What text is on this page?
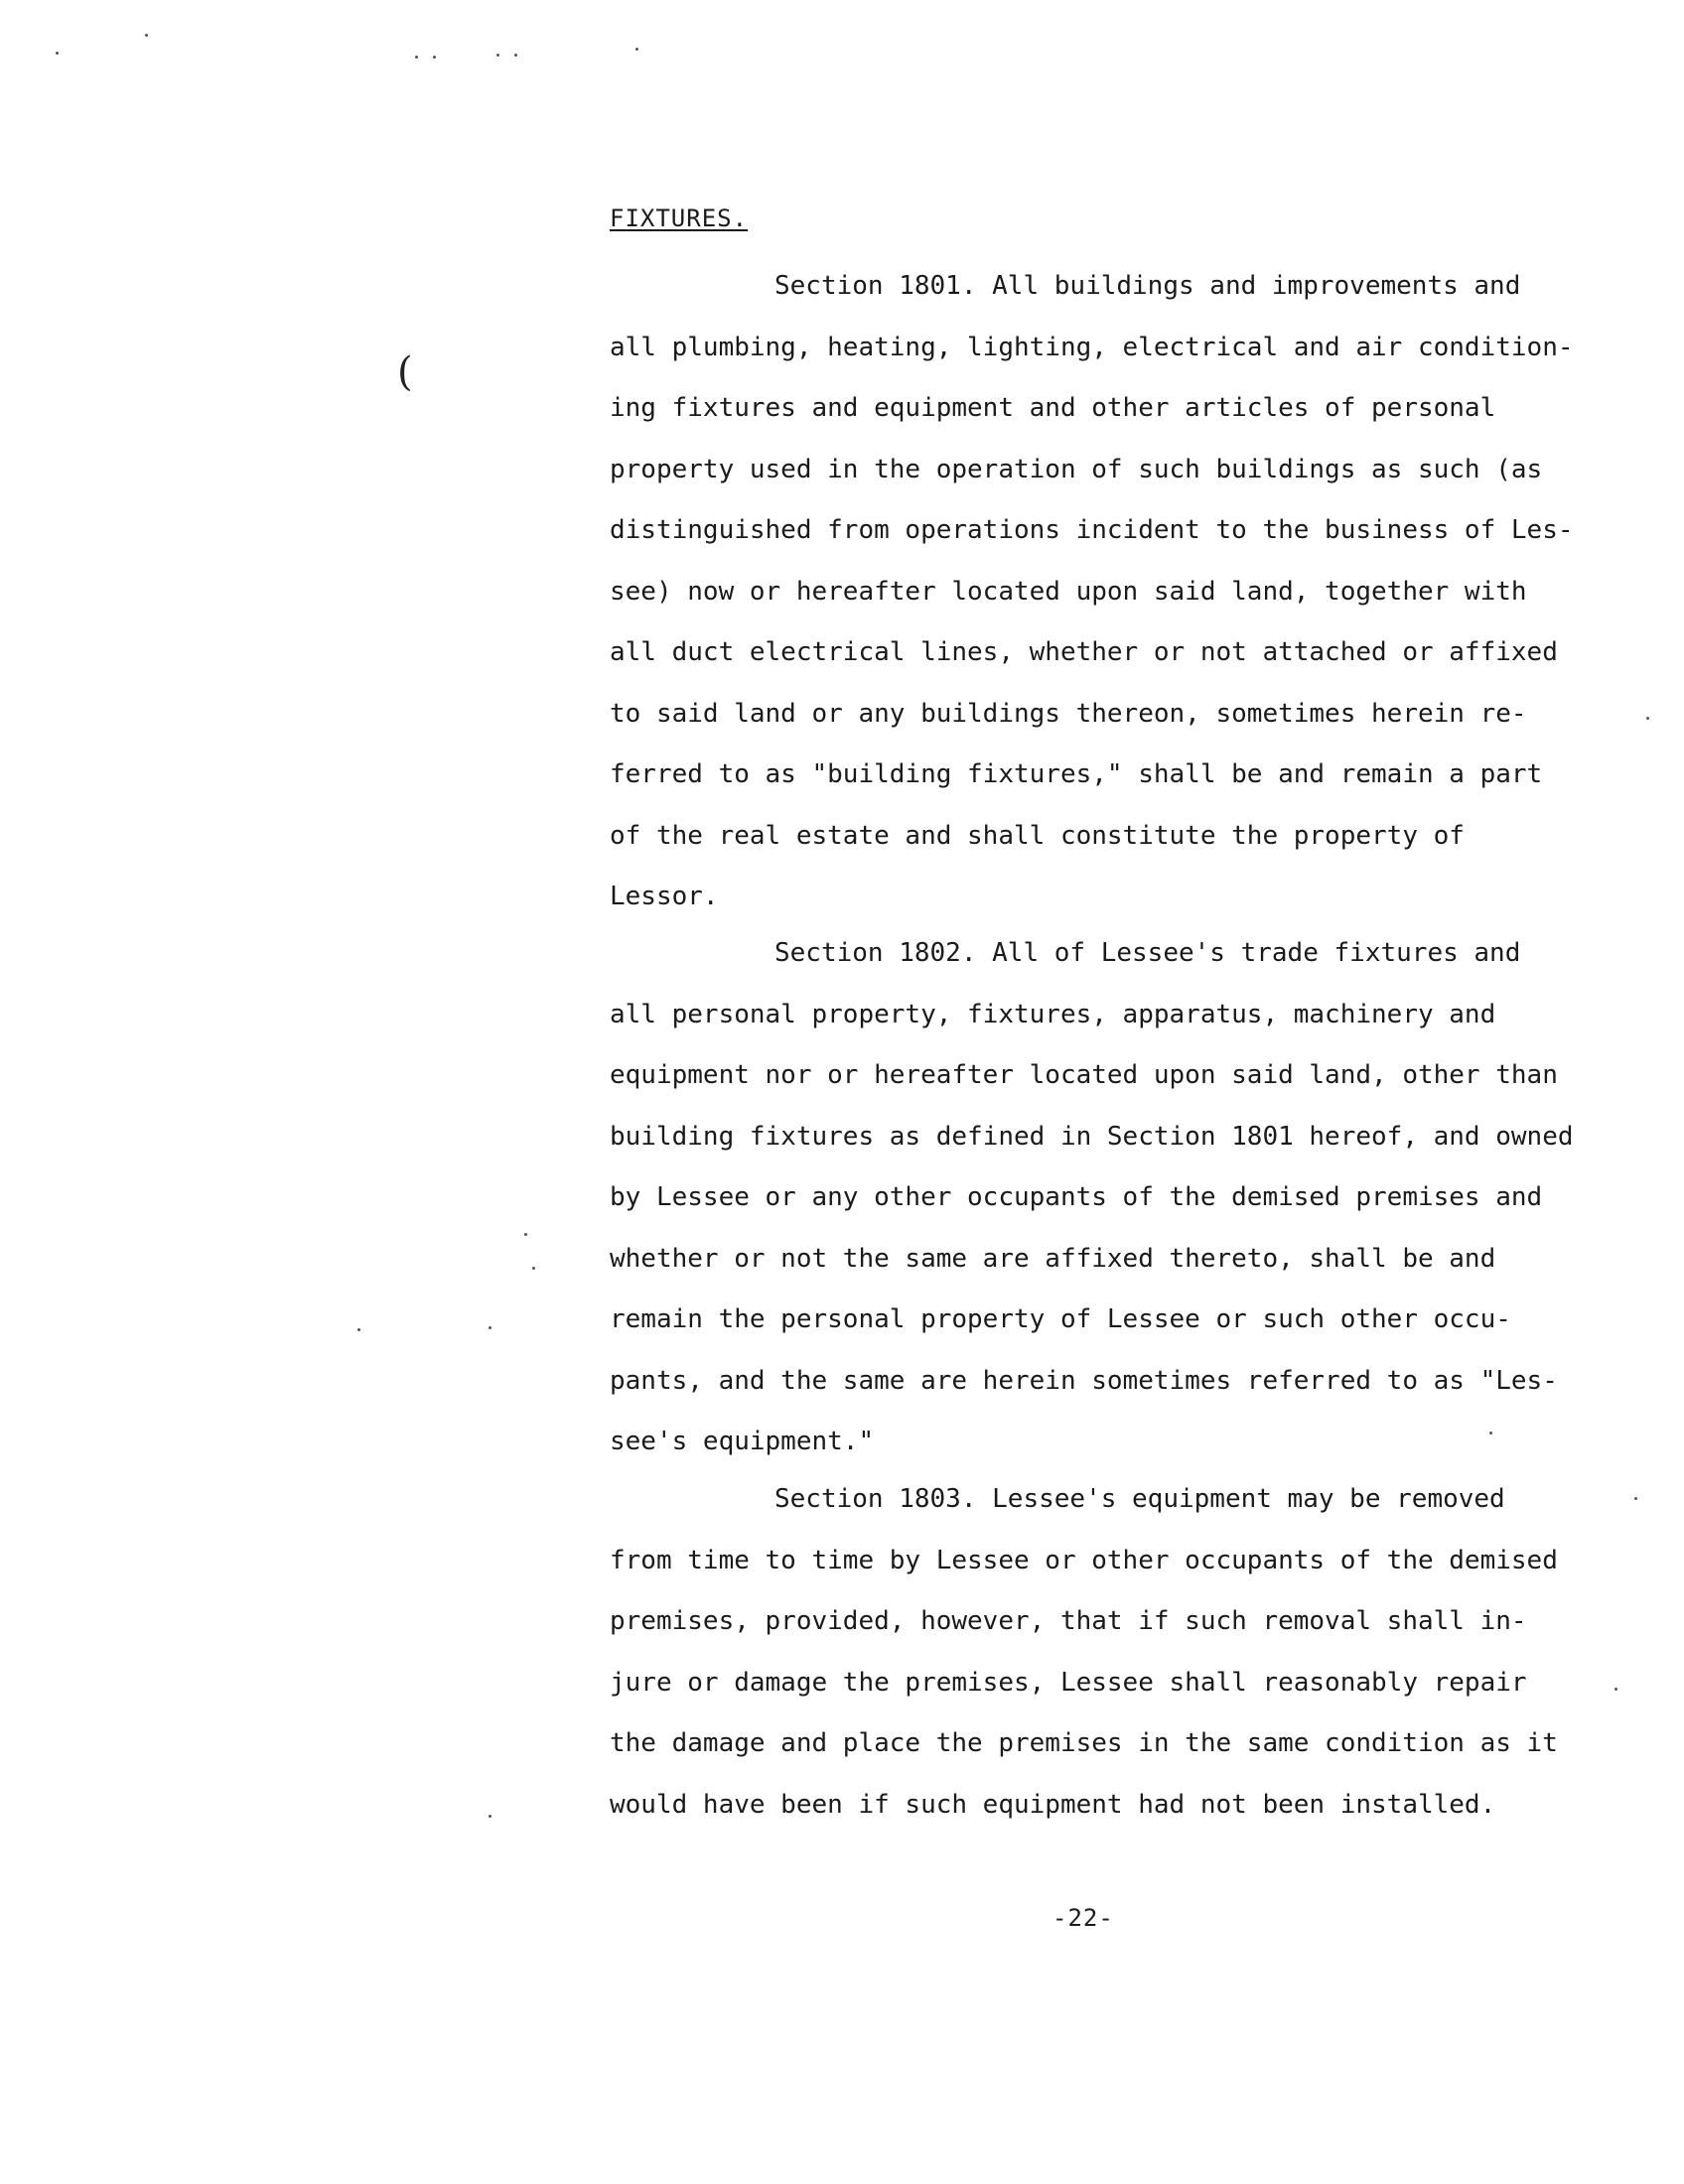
FIXTURES.
(
Section 1801. All buildings and improvements and
all plumbing, heating, lighting, electrical and air condition-
ing fixtures and equipment and other articles of personal
property used in the operation of such buildings as such (as
distinguished from operations incident to the business of Les-
see) now or hereafter located upon said land, together with
all duct electrical lines, whether or not attached or affixed
to said land or any buildings thereon, sometimes herein re-
ferred to as "building fixtures," shall be and remain a part
of the real estate and shall constitute the property of
Lessor.
Section 1802. All of Lessee's trade fixtures and
all personal property, fixtures, apparatus, machinery and
equipment nor or hereafter located upon said land, other than
building fixtures as defined in Section 1801 hereof, and owned
by Lessee or any other occupants of the demised premises and
whether or not the same are affixed thereto, shall be and
remain the personal property of Lessee or such other occu-
pants, and the same are herein sometimes referred to as "Les-
see's equipment."
Section 1803. Lessee's equipment may be removed
from time to time by Lessee or other occupants of the demised
premises, provided, however, that if such removal shall in-
jure or damage the premises, Lessee shall reasonably repair
the damage and place the premises in the same condition as it
would have been if such equipment had not been installed.
-22-
